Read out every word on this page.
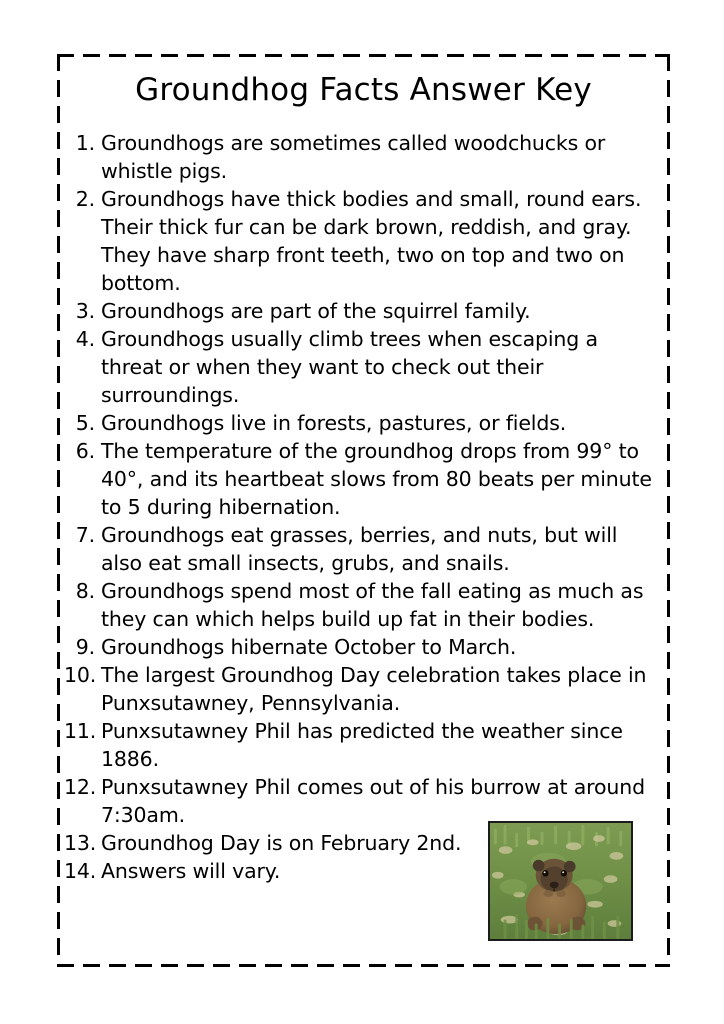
Groundhog Facts Answer Key
1. Groundhogs are sometimes called woodchucks or whistle pigs.
2. Groundhogs have thick bodies and small, round ears. Their thick fur can be dark brown, reddish, and gray. They have sharp front teeth, two on top and two on bottom.
3. Groundhogs are part of the squirrel family.
4. Groundhogs usually climb trees when escaping a threat or when they want to check out their surroundings.
5. Groundhogs live in forests, pastures, or fields.
6. The temperature of the groundhog drops from 99° to 40°, and its heartbeat slows from 80 beats per minute to 5 during hibernation.
7. Groundhogs eat grasses, berries, and nuts, but will also eat small insects, grubs, and snails.
8. Groundhogs spend most of the fall eating as much as they can which helps build up fat in their bodies.
9. Groundhogs hibernate October to March.
10. The largest Groundhog Day celebration takes place in Punxsutawney, Pennsylvania.
11. Punxsutawney Phil has predicted the weather since 1886.
12. Punxsutawney Phil comes out of his burrow at around 7:30am.
13. Groundhog Day is on February 2nd.
14. Answers will vary.
